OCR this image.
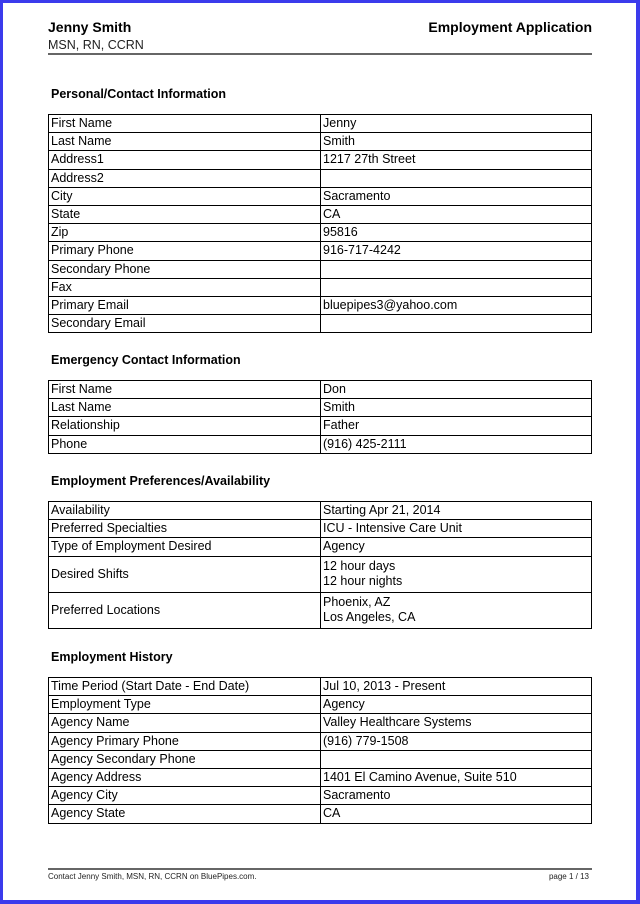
Jenny Smith
MSN, RN, CCRN
Employment Application
Personal/Contact Information
First Name	Jenny
Last Name	Smith
Address1	1217 27th Street
Address2	
City	Sacramento
State	CA
Zip	95816
Primary Phone	916-717-4242
Secondary Phone	
Fax	
Primary Email	bluepipes3@yahoo.com
Secondary Email	
Emergency Contact Information
First Name	Don
Last Name	Smith
Relationship	Father
Phone	(916) 425-2111
Employment Preferences/Availability
Availability	Starting Apr 21, 2014
Preferred Specialties	ICU - Intensive Care Unit
Type of Employment Desired	Agency
Desired Shifts	12 hour days
12 hour nights
Preferred Locations	Phoenix, AZ
Los Angeles, CA
Employment History
Time Period (Start Date - End Date)	Jul 10, 2013 - Present
Employment Type	Agency
Agency Name	Valley Healthcare Systems
Agency Primary Phone	(916) 779-1508
Agency Secondary Phone	
Agency Address	1401 El Camino Avenue, Suite 510
Agency City	Sacramento
Agency State	CA
Contact Jenny Smith, MSN, RN, CCRN on BluePipes.com.	page 1 / 13
